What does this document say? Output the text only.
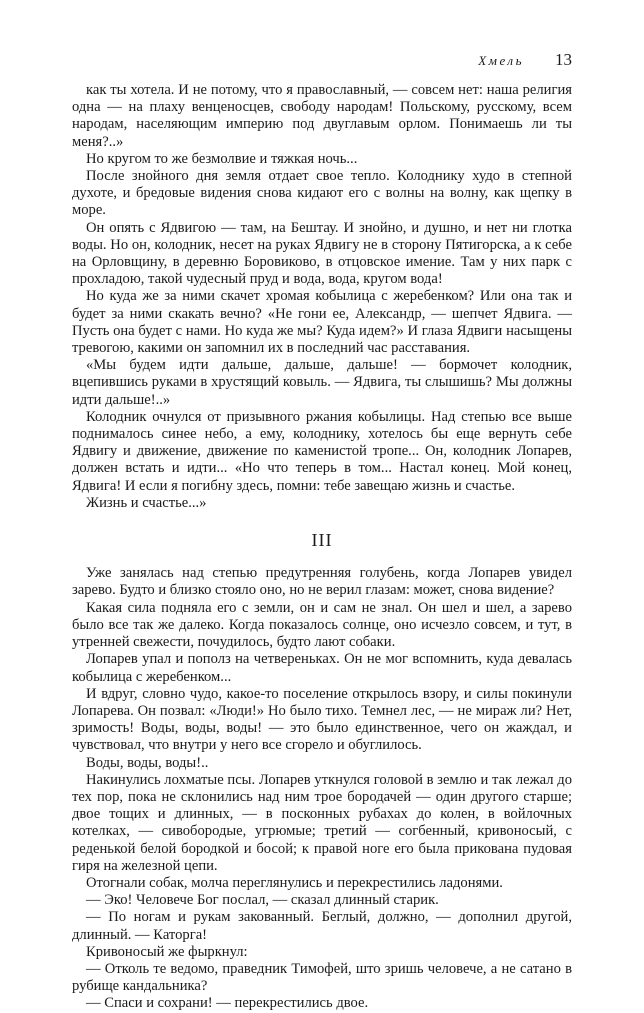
Хмель 13

как ты хотела. И не потому, что я православный, — совсем нет: наша религия одна — на плаху венценосцев, свободу народам! Польскому, русскому, всем народам, населяющим империю под двуглавым орлом. Понимаешь ли ты меня?..»

Но кругом то же безмолвие и тяжкая ночь...

После знойного дня земля отдает свое тепло. Колоднику худо в степной духоте, и бредовые видения снова кидают его с волны на волну, как щепку в море.

Он опять с Ядвигою — там, на Бештау. И знойно, и душно, и нет ни глотка воды. Но он, колодник, несет на руках Ядвигу не в сторону Пятигорска, а к себе на Орловщину, в деревню Боровиково, в отцовское имение. Там у них парк с прохладою, такой чудесный пруд и вода, вода, кругом вода!

Но куда же за ними скачет хромая кобылица с жеребенком? Или она так и будет за ними скакать вечно? «Не гони ее, Александр, — шепчет Ядвига. — Пусть она будет с нами. Но куда же мы? Куда идем?» И глаза Ядвиги насыщены тревогою, какими он запомнил их в последний час расставания.

«Мы будем идти дальше, дальше, дальше! — бормочет колодник, вцепившись руками в хрустящий ковыль. — Ядвига, ты слышишь? Мы должны идти дальше!..»

Колодник очнулся от призывного ржания кобылицы. Над степью все выше поднималось синее небо, а ему, колоднику, хотелось бы еще вернуть себе Ядвигу и движение, движение по каменистой тропе... Он, колодник Лопарев, должен встать и идти... «Но что теперь в том... Настал конец. Мой конец, Ядвига! И если я погибну здесь, помни: тебе завещаю жизнь и счастье.

Жизнь и счастье...»

III

Уже занялась над степью предутренняя голубень, когда Лопарев увидел зарево. Будто и близко стояло оно, но не верил глазам: может, снова видение?

Какая сила подняла его с земли, он и сам не знал. Он шел и шел, а зарево было все так же далеко. Когда показалось солнце, оно исчезло совсем, и тут, в утренней свежести, почудилось, будто лают собаки.

Лопарев упал и пополз на четвереньках. Он не мог вспомнить, куда девалась кобылица с жеребенком...

И вдруг, словно чудо, какое-то поселение открылось взору, и силы покинули Лопарева. Он позвал: «Люди!» Но было тихо. Темнел лес, — не мираж ли? Нет, зримость! Воды, воды, воды! — это было единственное, чего он жаждал, и чувствовал, что внутри у него все сгорело и обуглилось.

Воды, воды, воды!..

Накинулись лохматые псы. Лопарев уткнулся головой в землю и так лежал до тех пор, пока не склонились над ним трое бородачей — один другого старше; двое тощих и длинных, — в посконных рубахах до колен, в войлочных котелках, — сивобородые, угрюмые; третий — согбенный, кривоносый, с реденькой белой бородкой и босой; к правой ноге его была прикована пудовая гиря на железной цепи.

Отогнали собак, молча переглянулись и перекрестились ладонями.

— Эко! Человече Бог послал, — сказал длинный старик.

— По ногам и рукам закованный. Беглый, должно, — дополнил другой, длинный. — Каторга!

Кривоносый же фыркнул:

— Отколь те ведомо, праведник Тимофей, што зришь человече, а не сатано в рубище кандальника?

— Спаси и сохрани! — перекрестились двое.
